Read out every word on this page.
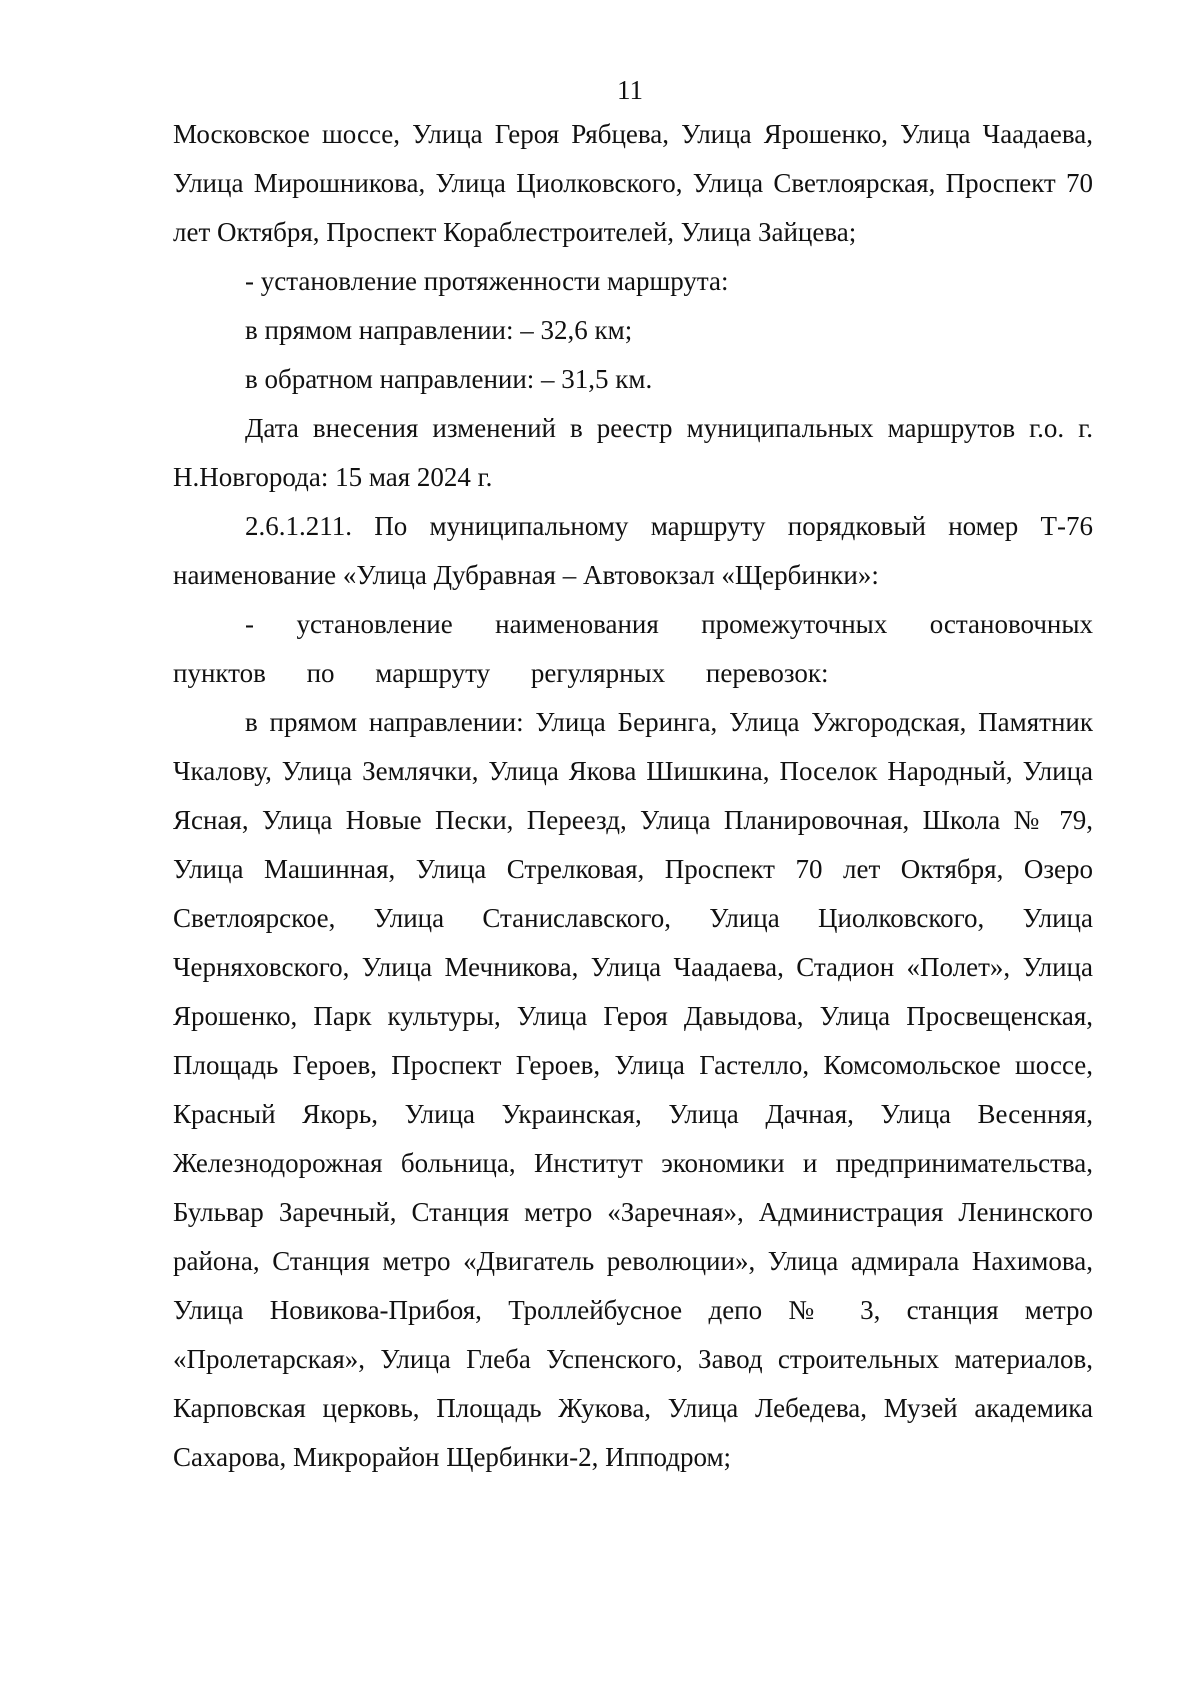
11

Московское шоссе, Улица Героя Рябцева, Улица Ярошенко, Улица Чаадаева, Улица Мирошникова, Улица Циолковского, Улица Светлоярская, Проспект 70 лет Октября, Проспект Кораблестроителей, Улица Зайцева;

- установление протяженности маршрута:

в прямом направлении: – 32,6 км;

в обратном направлении: – 31,5 км.

Дата внесения изменений в реестр муниципальных маршрутов г.о. г. Н.Новгорода: 15 мая 2024 г.

2.6.1.211. По муниципальному маршруту порядковый номер Т-76 наименование «Улица Дубравная – Автовокзал «Щербинки»:

- установление наименования промежуточных остановочных пунктов по маршруту регулярных перевозок:

в прямом направлении: Улица Беринга, Улица Ужгородская, Памятник Чкалову, Улица Землячки, Улица Якова Шишкина, Поселок Народный, Улица Ясная, Улица Новые Пески, Переезд, Улица Планировочная, Школа № 79, Улица Машинная, Улица Стрелковая, Проспект 70 лет Октября, Озеро Светлоярское, Улица Станиславского, Улица Циолковского, Улица Черняховского, Улица Мечникова, Улица Чаадаева, Стадион «Полет», Улица Ярошенко, Парк культуры, Улица Героя Давыдова, Улица Просвещенская, Площадь Героев, Проспект Героев, Улица Гастелло, Комсомольское шоссе, Красный Якорь, Улица Украинская, Улица Дачная, Улица Весенняя, Железнодорожная больница, Институт экономики и предпринимательства, Бульвар Заречный, Станция метро «Заречная», Администрация Ленинского района, Станция метро «Двигатель революции», Улица адмирала Нахимова, Улица Новикова-Прибоя, Троллейбусное депо № 3, станция метро «Пролетарская», Улица Глеба Успенского, Завод строительных материалов, Карповская церковь, Площадь Жукова, Улица Лебедева, Музей академика Сахарова, Микрорайон Щербинки-2, Ипподром;
